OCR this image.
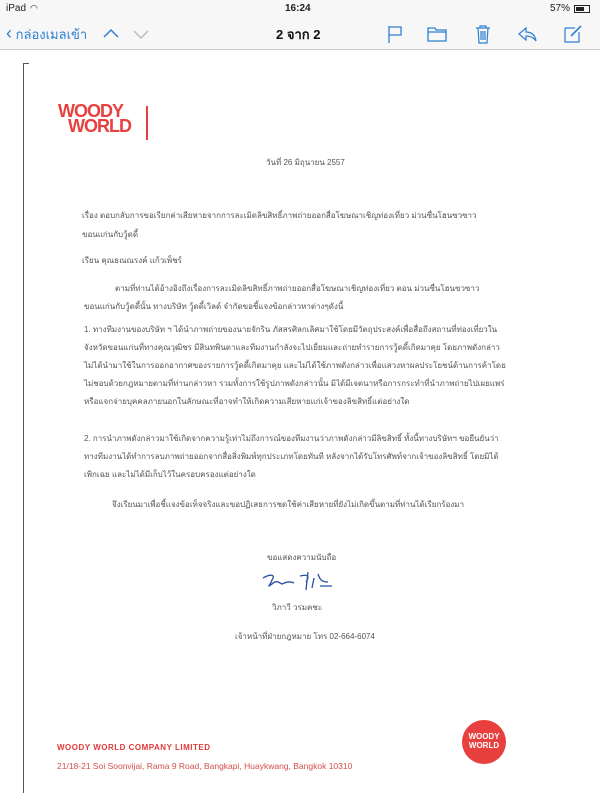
iPad ◠	16:24	57%
‹ กล่องเมลเข้า	2 จาก 2
WOODY
WORLD
วันที่ 26 มิถุนายน 2557
เรื่อง ตอบกลับการขอเรียกค่าเสียหายจากการละเมิดลิขสิทธิ์ภาพถ่ายออกสื่อโฆษณาเชิญท่องเที่ยว ม่วนซื่นโฮนซวซาว
ขอนแก่นกับวู้ดดี้
เรียน คุณธณณรงค์ แก้วเพ็ชร์
ตามที่ท่านได้อ้างอิงถึงเรื่องการละเมิดลิขสิทธิ์ภาพถ่ายออกสื่อโฆษณาเชิญท่องเที่ยว ตอน ม่วนซื่นโฮนซวซาว
ขอนแก่นกับวู้ดดี้นั้น ทางบริษัท วู้ดดี้เวิลด์ จำกัดขอชี้แจงข้อกล่าวหาต่างๆดังนี้
1. ทางทีมงานของบริษัท ฯ ได้นำภาพถ่ายของนายจักริน ภัสสรศิลกเลิศมาใช้โดยมีวัตถุประสงค์เพื่อสื่อถึงสถานที่ท่องเที่ยวใน
จังหวัดขอนแก่นที่ทางคุณวุฒิชร มีสินทพินตาและทีมงานกำลังจะไปเยี่ยมและถ่ายทำรายการวู้ดดี้เกิดมาคุย โดยภาพดังกล่าว
ไม่ได้นำมาใช้ในการออกอากาศของรายการวู้ดดี้เกิดมาคุย และไม่ได้ใช้ภาพดังกล่าวเพื่อแสวงหาผลประโยชน์ด้านการค้าโดย
ไม่ชอบด้วยกฎหมายตามที่ท่านกล่าวหา รวมทั้งการใช้รูปภาพดังกล่าวนั้น มิได้มีเจตนาหรือการกระทำที่นำภาพถ่ายไปเผยแพร่
หรือแจกจ่ายบุคคลภายนอกในลักษณะที่อาจทำให้เกิดความเสียหายแก่เจ้าของลิขสิทธิ์แต่อย่างใด
2. การนำภาพดังกล่าวมาใช้เกิดจากความรู้เท่าไม่ถึงการณ์ของทีมงานว่าภาพดังกล่าวมีลิขสิทธิ์ ทั้งนี้ทางบริษัทฯ ขอยืนยันว่า
ทางทีมงานได้ทำการลบภาพถ่ายออกจากสื่อสิ่งพิมพ์ทุกประเภทโดยทันที หลังจากได้รับโทรศัพท์จากเจ้าของลิขสิทธิ์ โดยมิได้
เพิกเฉย และไม่ได้มีเก็บไว้ในครอบครองแต่อย่างใด
จึงเรียนมาเพื่อชี้แจงข้อเท็จจริงและขอปฏิเสธการชดใช้ค่าเสียหายที่ยังไม่เกิดขึ้นตามที่ท่านได้เรียกร้องมา
ขอแสดงความนับถือ
วิภาวี วรมคชะ
เจ้าหน้าที่ฝ่ายกฎหมาย โทร 02-664-6074
WOODY WORLD COMPANY LIMITED
21/18-21 Soi Soonvijai, Rama 9 Road, Bangkapi, Huaykwang, Bangkok 10310
WOODY
WORLD
